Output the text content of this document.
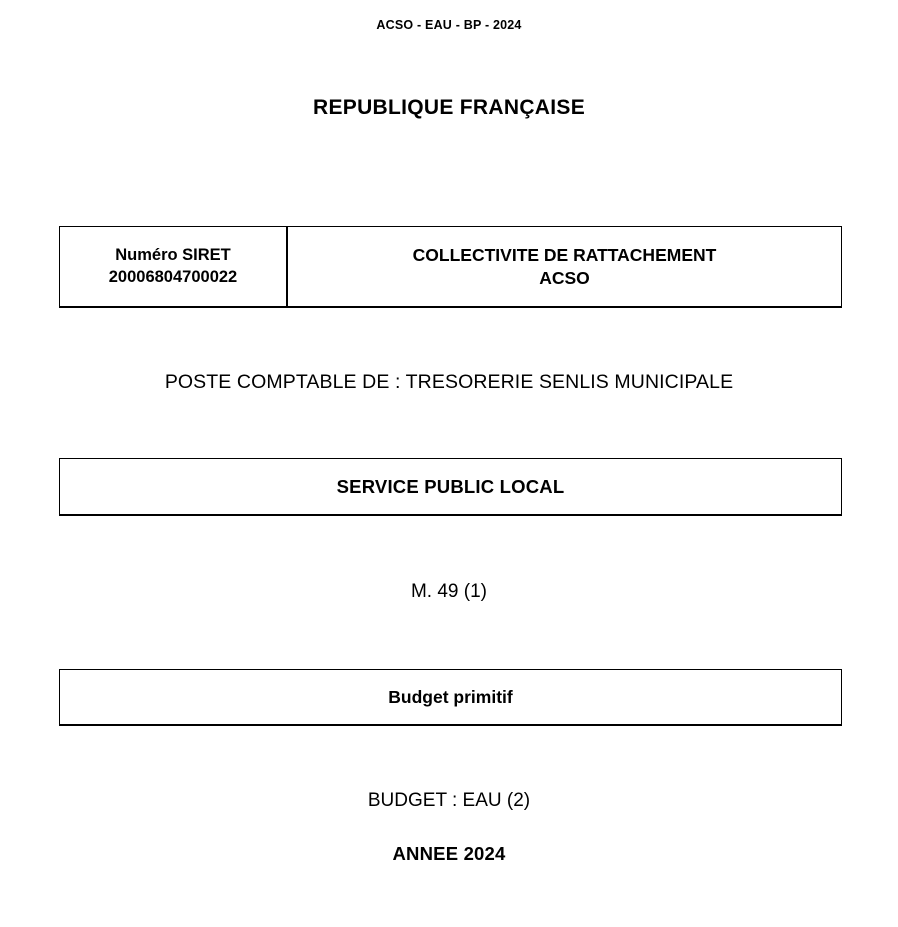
ACSO - EAU - BP - 2024
REPUBLIQUE FRANÇAISE
Numéro SIRET
20006804700022
COLLECTIVITE DE RATTACHEMENT
ACSO
POSTE COMPTABLE DE : TRESORERIE SENLIS MUNICIPALE
SERVICE PUBLIC LOCAL
M. 49 (1)
Budget primitif
BUDGET : EAU (2)
ANNEE 2024
